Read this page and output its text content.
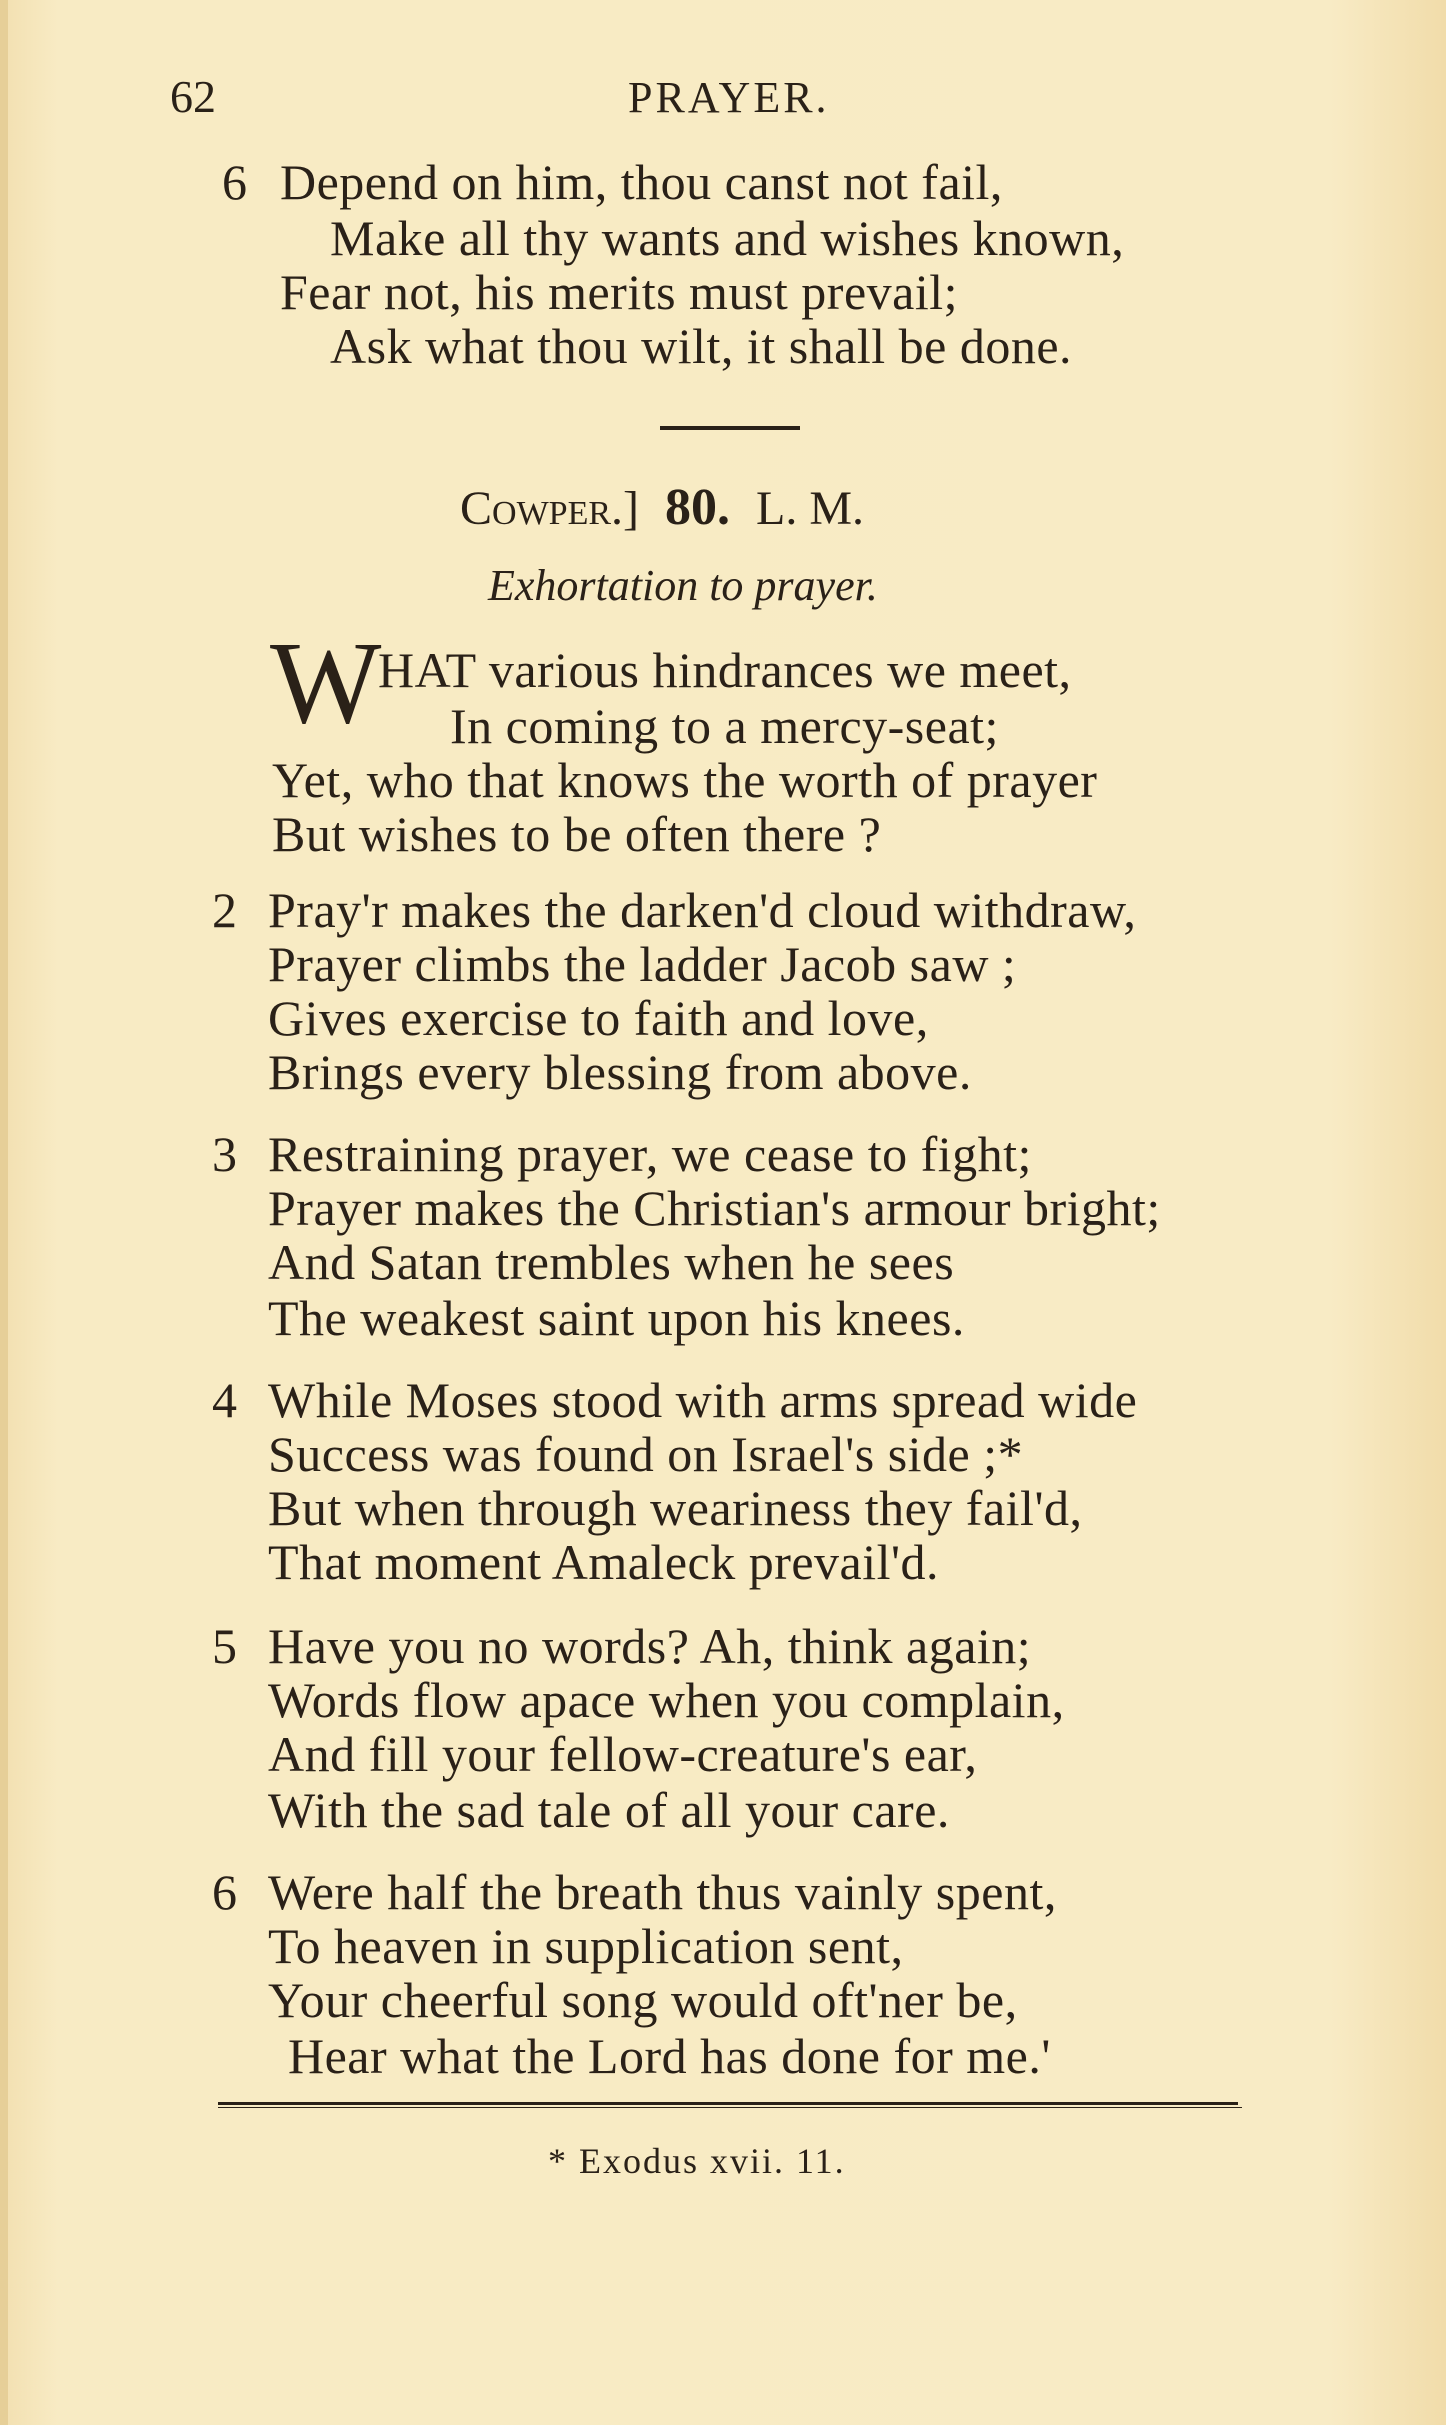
62	PRAYER.
6 Depend on him, thou canst not fail,
Make all thy wants and wishes known,
Fear not, his merits must prevail;
Ask what thou wilt, it shall be done.
Cowper.] 80. L. M.
Exhortation to prayer.
W
HAT various hindrances we meet,
In coming to a mercy-seat;
Yet, who that knows the worth of prayer
But wishes to be often there ?
2 Pray'r makes the darken'd cloud withdraw,
Prayer climbs the ladder Jacob saw ;
Gives exercise to faith and love,
Brings every blessing from above.
3 Restraining prayer, we cease to fight;
Prayer makes the Christian's armour bright;
And Satan trembles when he sees
The weakest saint upon his knees.
4 While Moses stood with arms spread wide
Success was found on Israel's side ;*
But when through weariness they fail'd,
That moment Amaleck prevail'd.
5 Have you no words? Ah, think again;
Words flow apace when you complain,
And fill your fellow-creature's ear,
With the sad tale of all your care.
6 Were half the breath thus vainly spent,
To heaven in supplication sent,
Your cheerful song would oft'ner be,
Hear what the Lord has done for me.'
* Exodus xvii. 11.
